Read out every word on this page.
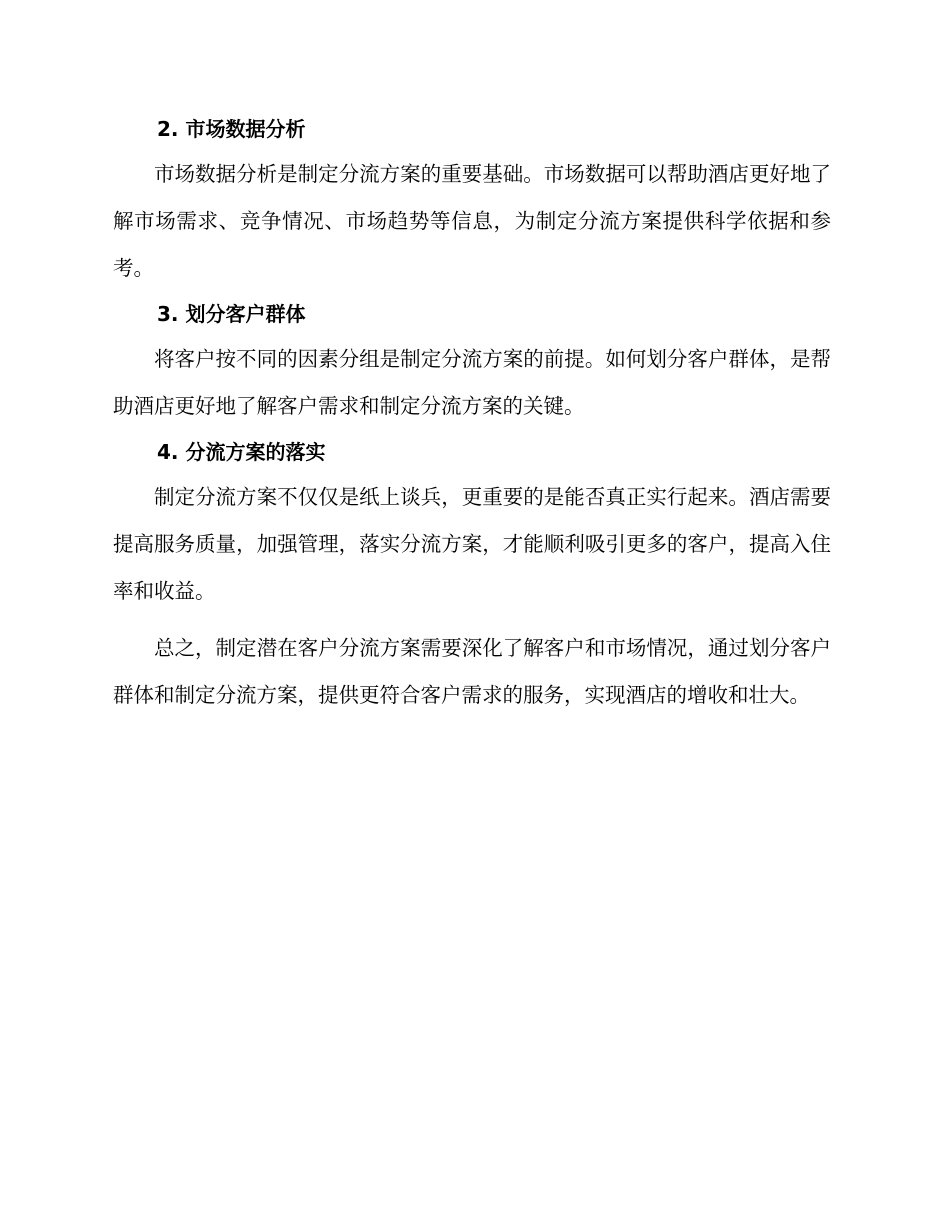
2. 市场数据分析

市场数据分析是制定分流方案的重要基础。市场数据可以帮助酒店更好地了解市场需求、竞争情况、市场趋势等信息，为制定分流方案提供科学依据和参考。

3. 划分客户群体

将客户按不同的因素分组是制定分流方案的前提。如何划分客户群体，是帮助酒店更好地了解客户需求和制定分流方案的关键。

4. 分流方案的落实

制定分流方案不仅仅是纸上谈兵，更重要的是能否真正实行起来。酒店需要提高服务质量，加强管理，落实分流方案，才能顺利吸引更多的客户，提高入住率和收益。

总之，制定潜在客户分流方案需要深化了解客户和市场情况，通过划分客户群体和制定分流方案，提供更符合客户需求的服务，实现酒店的增收和壮大。
